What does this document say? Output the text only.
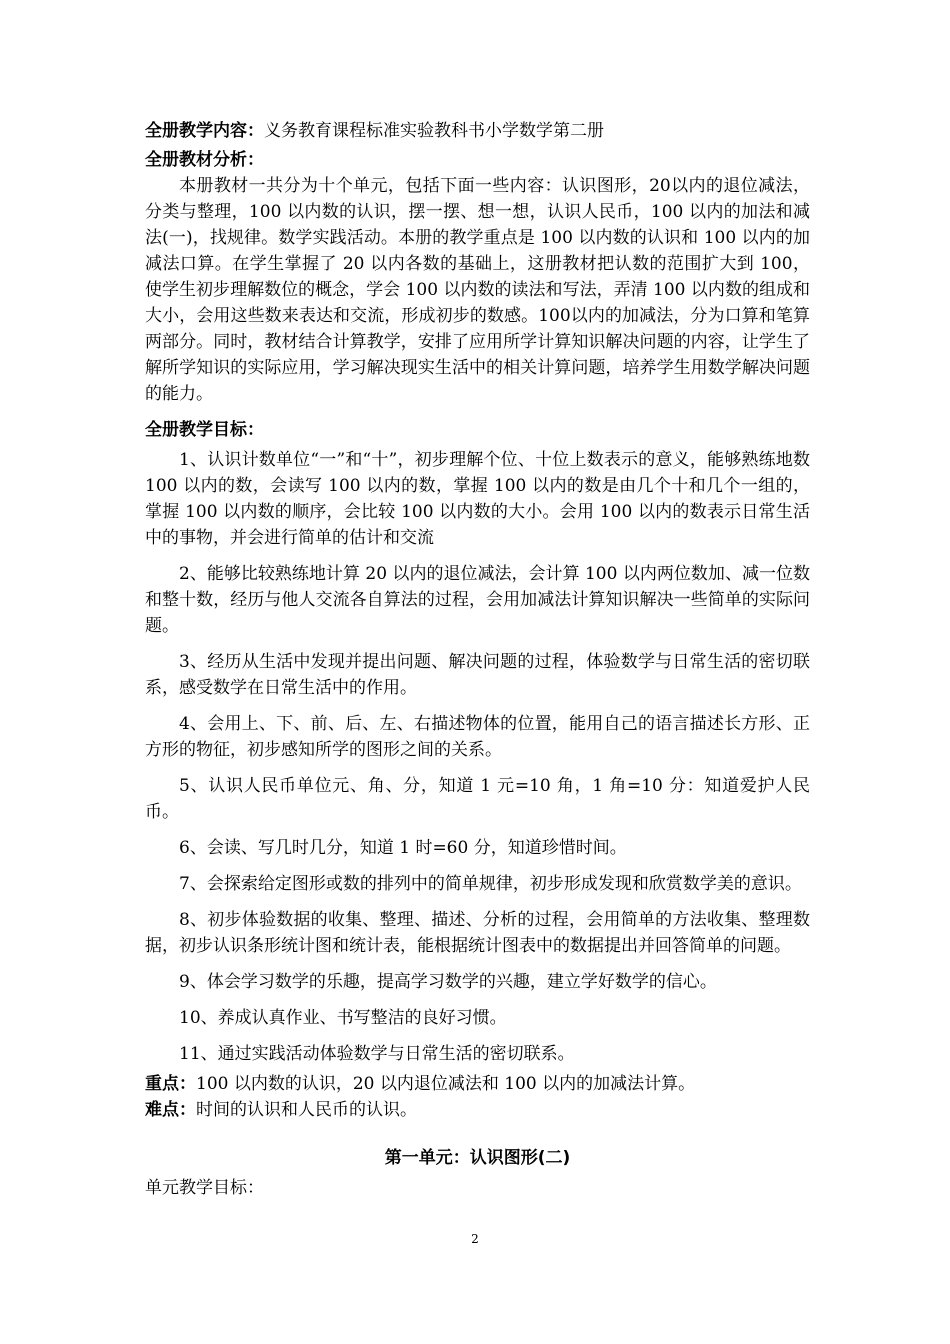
全册教学内容：义务教育课程标准实验教科书小学数学第二册

全册教材分析：

本册教材一共分为十个单元，包括下面一些内容：认识图形，20以内的退位减法，分类与整理，100 以内数的认识，摆一摆、想一想，认识人民币，100 以内的加法和减法(一)，找规律。数学实践活动。本册的教学重点是 100 以内数的认识和 100 以内的加减法口算。在学生掌握了 20 以内各数的基础上，这册教材把认数的范围扩大到 100，使学生初步理解数位的概念，学会 100 以内数的读法和写法，弄清 100 以内数的组成和大小，会用这些数来表达和交流，形成初步的数感。100以内的加减法，分为口算和笔算两部分。同时，教材结合计算教学，安排了应用所学计算知识解决问题的内容，让学生了解所学知识的实际应用，学习解决现实生活中的相关计算问题，培养学生用数学解决问题的能力。

全册教学目标：

1、认识计数单位“一”和“十”，初步理解个位、十位上数表示的意义，能够熟练地数 100 以内的数，会读写 100 以内的数，掌握 100 以内的数是由几个十和几个一组的，掌握 100 以内数的顺序，会比较 100 以内数的大小。会用 100 以内的数表示日常生活中的事物，并会进行简单的估计和交流

2、能够比较熟练地计算 20 以内的退位减法，会计算 100 以内两位数加、减一位数和整十数，经历与他人交流各自算法的过程，会用加减法计算知识解决一些简单的实际问题。

3、经历从生活中发现并提出问题、解决问题的过程，体验数学与日常生活的密切联系，感受数学在日常生活中的作用。

4、会用上、下、前、后、左、右描述物体的位置，能用自己的语言描述长方形、正方形的物征，初步感知所学的图形之间的关系。

5、认识人民币单位元、角、分，知道 1 元=10 角，1 角=10 分：知道爱护人民币。

6、会读、写几时几分，知道 1 时=60 分，知道珍惜时间。

7、会探索给定图形或数的排列中的简单规律，初步形成发现和欣赏数学美的意识。

8、初步体验数据的收集、整理、描述、分析的过程，会用简单的方法收集、整理数据，初步认识条形统计图和统计表，能根据统计图表中的数据提出并回答简单的问题。

9、体会学习数学的乐趣，提高学习数学的兴趣，建立学好数学的信心。

10、养成认真作业、书写整洁的良好习惯。

11、通过实践活动体验数学与日常生活的密切联系。

重点：100 以内数的认识，20 以内退位减法和 100 以内的加减法计算。

难点：时间的认识和人民币的认识。

第一单元：认识图形(二)

单元教学目标：

2
